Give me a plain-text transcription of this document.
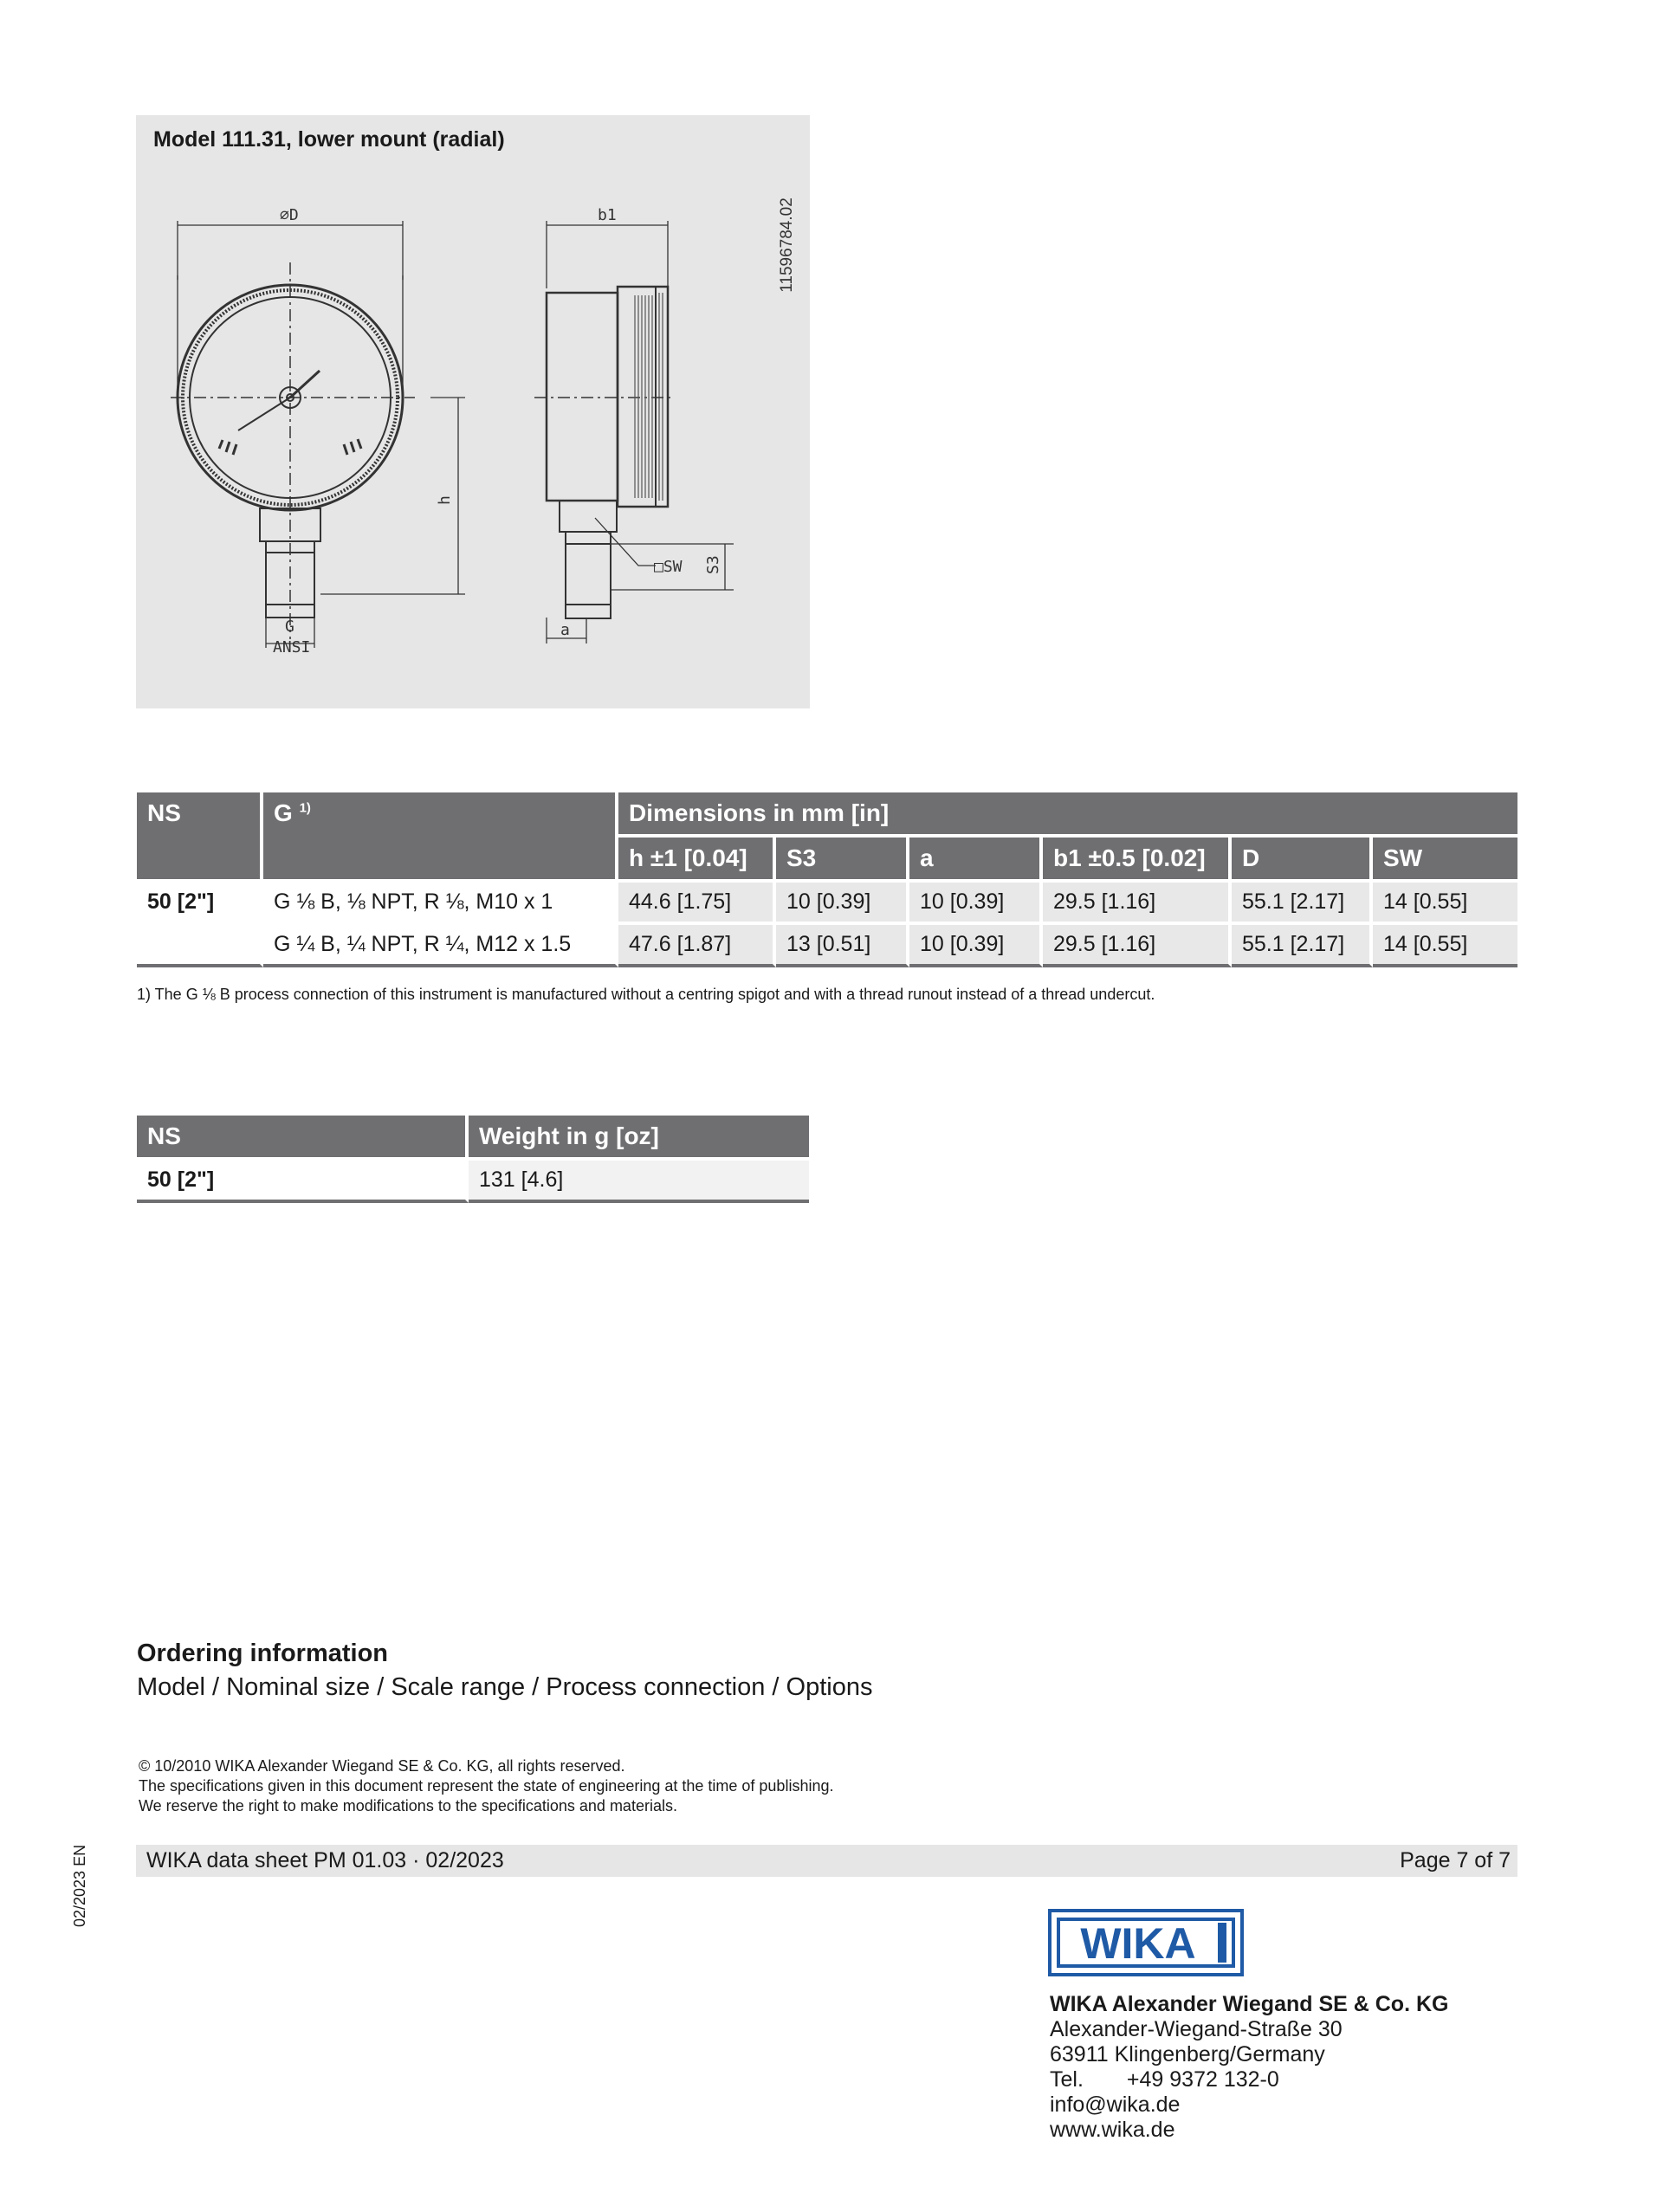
Model 111.31, lower mount (radial)
⌀D	b1
h
G
ANSI
□SW S3
a
11596784.02
NS	G $^{1)}$	Dimensions in mm [in]					
		h ±1 [0.04]	S3	a	b1 ±0.5 [0.02]	D	SW
50 [2"]	G ⅛ B, ⅛ NPT, R ⅛, M10 x 1	44.6 [1.75]	10 [0.39]	10 [0.39]	29.5 [1.16]	55.1 [2.17]	14 [0.55]
	G ¼ B, ¼ NPT, R ¼, M12 x 1.5	47.6 [1.87]	13 [0.51]	10 [0.39]	29.5 [1.16]	55.1 [2.17]	14 [0.55]
1) The G ⅛ B process connection of this instrument is manufactured without a centring spigot and with a thread runout instead of a thread undercut.
NS	Weight in g [oz]
50 [2"]	131 [4.6]
Ordering information
Model / Nominal size / Scale range / Process connection / Options
© 10/2010 WIKA Alexander Wiegand SE & Co. KG, all rights reserved.
The specifications given in this document represent the state of engineering at the time of publishing.
We reserve the right to make modifications to the specifications and materials.
WIKA data sheet PM 01.03 · 02/2023	Page 7 of 7
02/2023 EN
WIKA
WIKA Alexander Wiegand SE & Co. KG
Alexander-Wiegand-Straße 30
63911 Klingenberg/Germany
Tel. +49 9372 132-0
info@wika.de
www.wika.de
